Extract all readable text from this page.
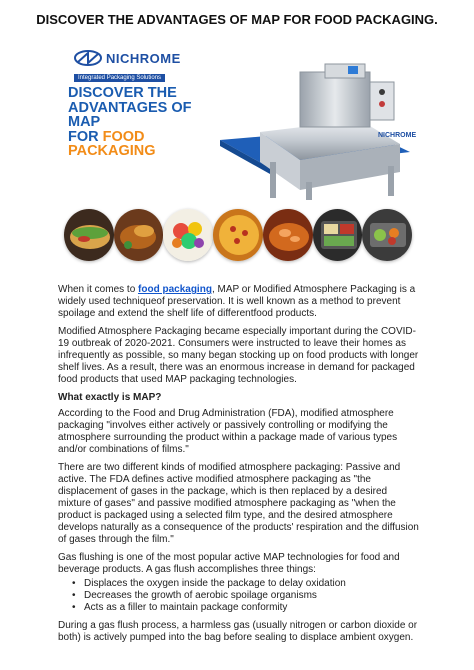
DISCOVER THE ADVANTAGES OF MAP FOR FOOD PACKAGING.
NICHROME
Integrated Packaging Solutions
DISCOVER THE
ADVANTAGES OF MAP
FOR FOOD PACKAGING
NICHROME

When it comes to food packaging, MAP or Modified Atmosphere Packaging is a widely used techniqueof preservation. It is well known as a method to prevent spoilage and extend the shelf life of differentfood products.

Modified Atmosphere Packaging became especially important during the COVID-19 outbreak of 2020-2021. Consumers were instructed to leave their homes as infrequently as possible, so many began stocking up on food products with longer shelf lives. As a result, there was an enormous increase in demand for packaged food products that used MAP packaging technologies.

What exactly is MAP?

According to the Food and Drug Administration (FDA), modified atmosphere packaging "involves either actively or passively controlling or modifying the atmosphere surrounding the product within a package made of various types and/or combinations of films."

There are two different kinds of modified atmosphere packaging: Passive and active. The FDA defines active modified atmosphere packaging as "the displacement of gases in the package, which is then replaced by a desired mixture of gases" and passive modified atmosphere packaging as "when the product is packaged using a selected film type, and the desired atmosphere develops naturally as a consequence of the products' respiration and the diffusion of gases through the film."

Gas flushing is one of the most popular active MAP technologies for food and beverage products. A gas flush accomplishes three things:

• Displaces the oxygen inside the package to delay oxidation
• Decreases the growth of aerobic spoilage organisms
• Acts as a filler to maintain package conformity

During a gas flush process, a harmless gas (usually nitrogen or carbon dioxide or both) is actively pumped into the bag before sealing to displace ambient oxygen.
